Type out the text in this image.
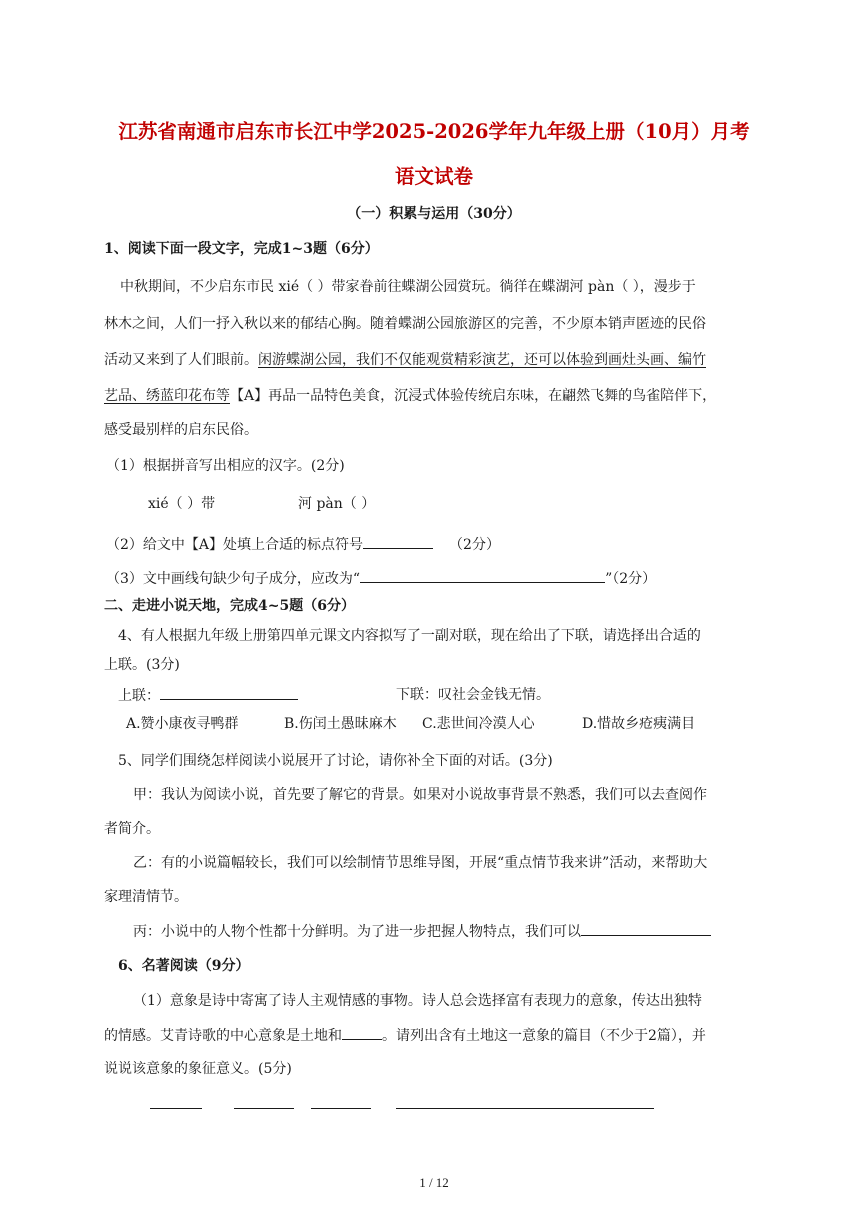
江苏省南通市启东市长江中学2025-2026学年九年级上册（10月）月考
语文试卷
（一）积累与运用（30分）
1、阅读下面一段文字，完成1~3题（6分）
中秋期间，不少启东市民 xié（ ）带家眷前往蝶湖公园赏玩。徜徉在蝶湖河 pàn（ ），漫步于
林木之间，人们一抒入秋以来的郁结心胸。随着蝶湖公园旅游区的完善，不少原本销声匿迹的民俗
活动又来到了人们眼前。闲游蝶湖公园，我们不仅能观赏精彩演艺，还可以体验到画灶头画、编竹
艺品、绣蓝印花布等【A】再品一品特色美食，沉浸式体验传统启东味，在翩然飞舞的鸟雀陪伴下，
感受最别样的启东民俗。
（1）根据拼音写出相应的汉字。(2分)
xié（ ）带	河 pàn（ ）
（2）给文中【A】处填上合适的标点符号	（2分）
（3）文中画线句缺少句子成分，应改为“	”（2分）
二、走进小说天地，完成4~5题（6分）
4、有人根据九年级上册第四单元课文内容拟写了一副对联，现在给出了下联，请选择出合适的
上联。(3分)
上联：	下联：叹社会金钱无情。
A.赞小康夜寻鸭群	B.伤闰土愚昧麻木 C.悲世间冷漠人心	D.惜故乡疮痍满目
5、同学们围绕怎样阅读小说展开了讨论，请你补全下面的对话。(3分)
甲：我认为阅读小说，首先要了解它的背景。如果对小说故事背景不熟悉，我们可以去查阅作
者简介。
乙：有的小说篇幅较长，我们可以绘制情节思维导图，开展“重点情节我来讲”活动，来帮助大
家理清情节。
丙：小说中的人物个性都十分鲜明。为了进一步把握人物特点，我们可以
6、名著阅读（9分）
（1）意象是诗中寄寓了诗人主观情感的事物。诗人总会选择富有表现力的意象，传达出独特
的情感。艾青诗歌的中心意象是土地和	。请列出含有土地这一意象的篇目（不少于2篇），并
说说该意象的象征意义。(5分)
1 / 12
